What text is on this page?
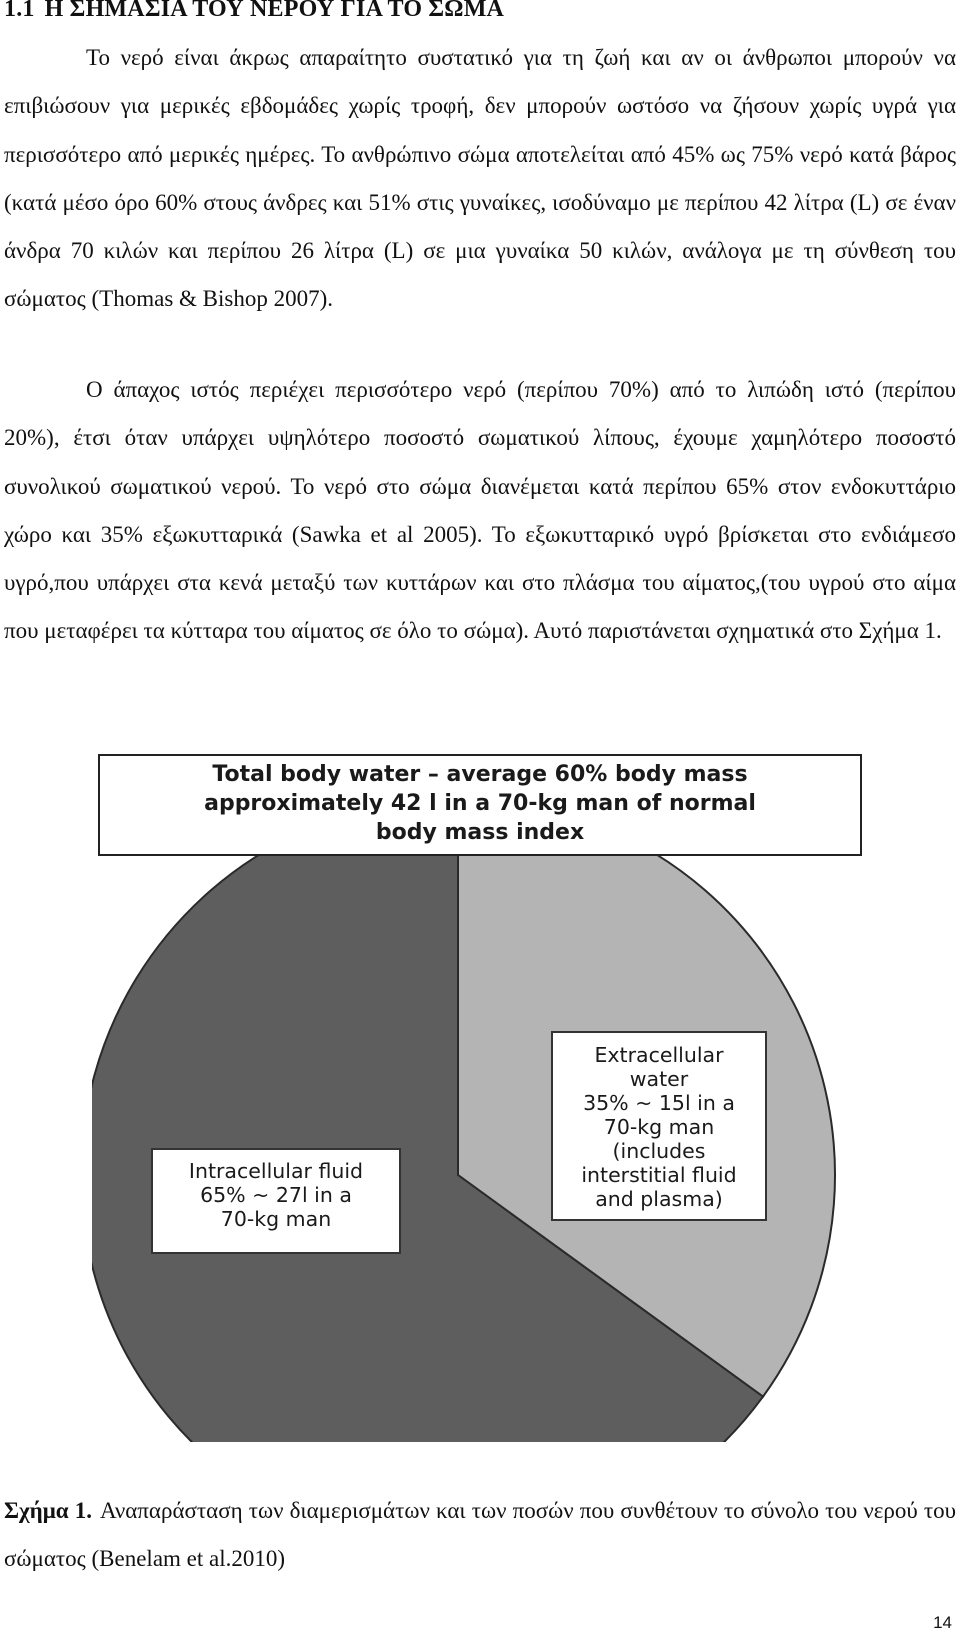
1.1 Η ΣΗΜΑΣΙΑ ΤΟΥ ΝΕΡΟΥ ΓΙΑ ΤΟ ΣΩΜΑ

Το νερό είναι άκρως απαραίτητο συστατικό για τη ζωή και αν οι άνθρωποι μπορούν να επιβιώσουν για μερικές εβδομάδες χωρίς τροφή, δεν μπορούν ωστόσο να ζήσουν χωρίς υγρά για περισσότερο από μερικές ημέρες. Το ανθρώπινο σώμα αποτελείται από 45% ως 75% νερό κατά βάρος (κατά μέσο όρο 60% στους άνδρες και 51% στις γυναίκες, ισοδύναμο με περίπου 42 λίτρα (L) σε έναν άνδρα 70 κιλών και περίπου 26 λίτρα (L) σε μια γυναίκα 50 κιλών, ανάλογα με τη σύνθεση του σώματος (Thomas & Bishop 2007).

Ο άπαχος ιστός περιέχει περισσότερο νερό (περίπου 70%) από το λιπώδη ιστό (περίπου 20%), έτσι όταν υπάρχει υψηλότερο ποσοστό σωματικού λίπους, έχουμε χαμηλότερο ποσοστό συνολικού σωματικού νερού. Το νερό στο σώμα διανέμεται κατά περίπου 65% στον ενδοκυττάριο χώρο και 35% εξωκυτταρικά (Sawka et al 2005). Το εξωκυτταρικό υγρό βρίσκεται στο ενδιάμεσο υγρό,που υπάρχει στα κενά μεταξύ των κυττάρων και στο πλάσμα του αίματος,(του υγρού στο αίμα που μεταφέρει τα κύτταρα του αίματος σε όλο το σώμα). Αυτό παριστάνεται σχηματικά στο Σχήμα 1.

Total body water – average 60% body mass
approximately 42 l in a 70-kg man of normal
body mass index
Extracellular
water
35% ~ 15l in a
70-kg man
(includes
interstitial fluid
and plasma)
Intracellular fluid
65% ~ 27l in a
70-kg man

Σχήμα 1. Αναπαράσταση των διαμερισμάτων και των ποσών που συνθέτουν το σύνολο του νερού του σώματος (Benelam et al.2010)

14
